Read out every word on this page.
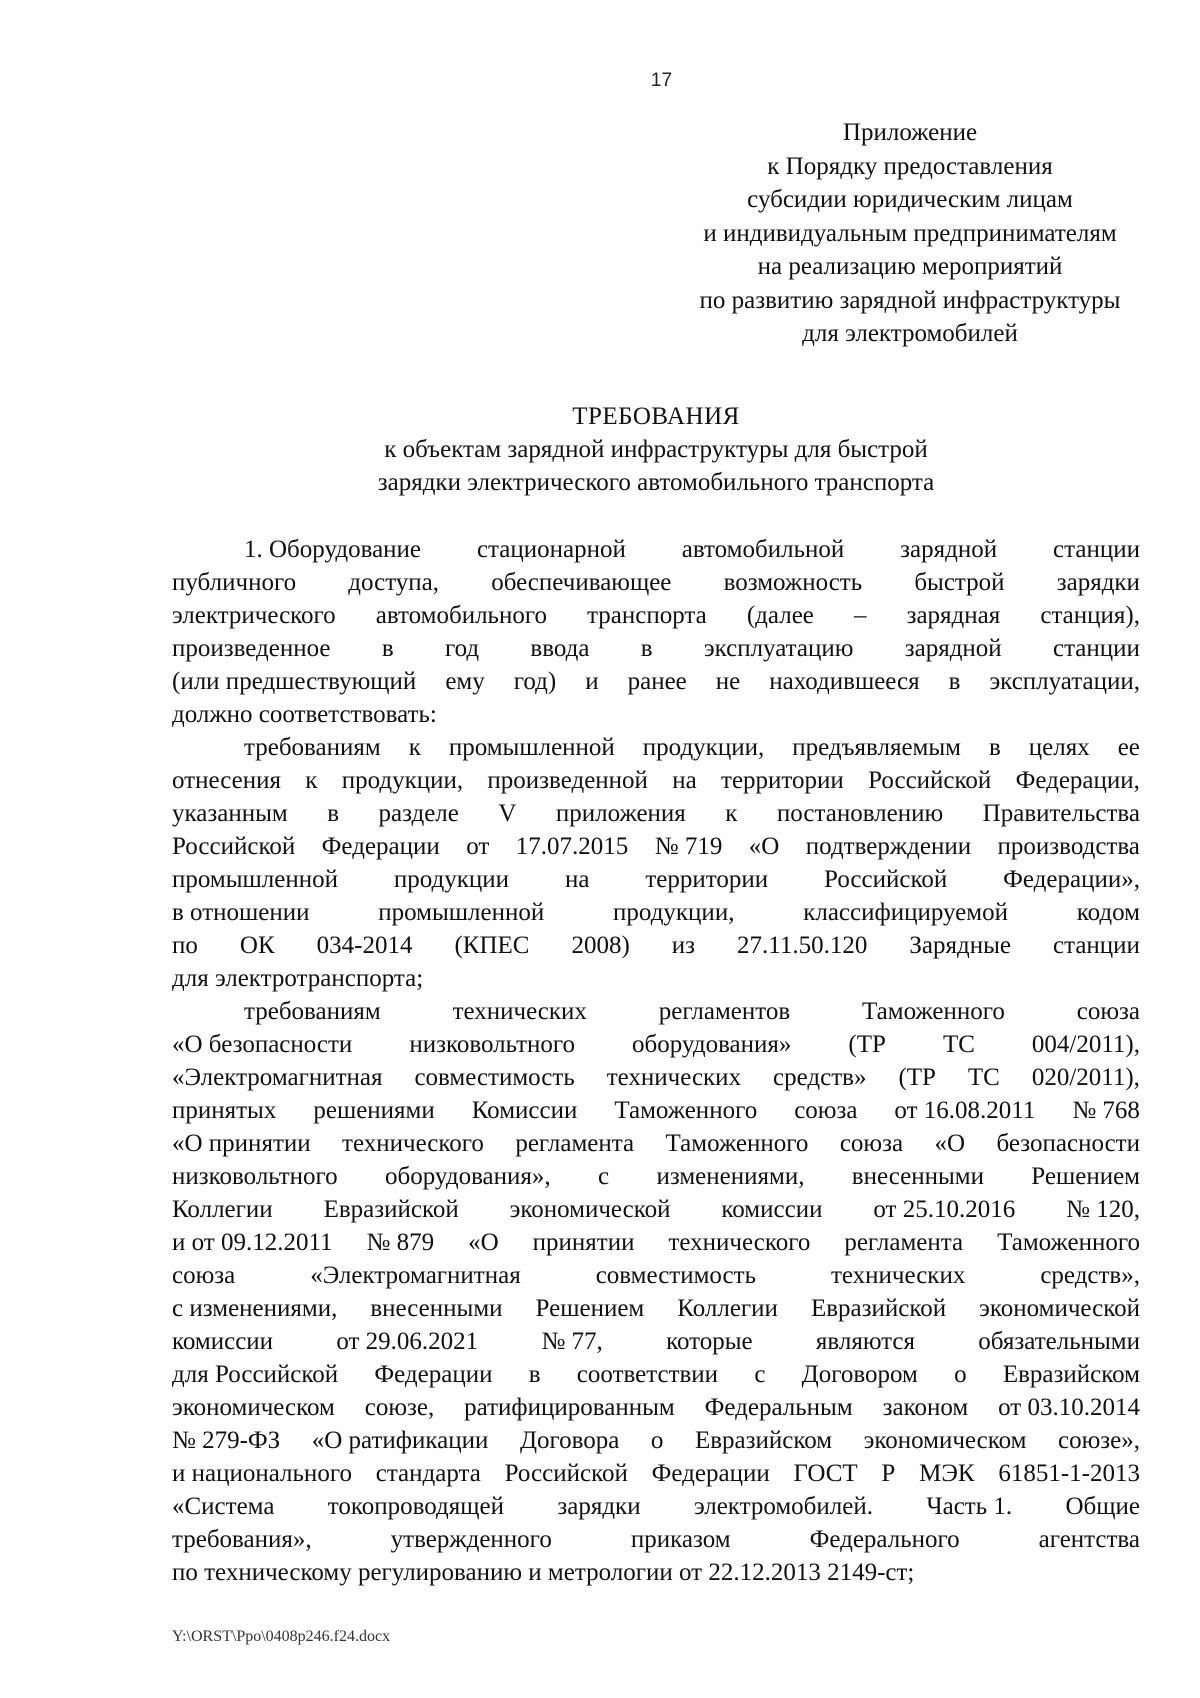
17
Приложение
к Порядку предоставления
субсидии юридическим лицам
и индивидуальным предпринимателям
на реализацию мероприятий
по развитию зарядной инфраструктуры
для электромобилей
ТРЕБОВАНИЯ
к объектам зарядной инфраструктуры для быстрой
зарядки электрического автомобильного транспорта
1. Оборудование стационарной автомобильной зарядной станции
публичного доступа, обеспечивающее возможность быстрой зарядки
электрического автомобильного транспорта (далее – зарядная станция),
произведенное в год ввода в эксплуатацию зарядной станции
(или предшествующий ему год) и ранее не находившееся в эксплуатации,
должно соответствовать:
требованиям к промышленной продукции, предъявляемым в целях ее
отнесения к продукции, произведенной на территории Российской Федерации,
указанным в разделе V приложения к постановлению Правительства
Российской Федерации от 17.07.2015 № 719 «О подтверждении производства
промышленной продукции на территории Российской Федерации»,
в отношении	промышленной	продукции,	классифицируемой	кодом
по ОК 034-2014 (КПЕС 2008) из 27.11.50.120 Зарядные станции
для электротранспорта;
требованиям	технических	регламентов	Таможенного	союза
«О безопасности низковольтного оборудования» (ТР ТС 004/2011),
«Электромагнитная совместимость технических средств» (ТР ТС 020/2011),
принятых решениями Комиссии Таможенного союза от 16.08.2011 № 768
«О принятии технического регламента Таможенного союза «О безопасности
низковольтного оборудования», с изменениями, внесенными Решением
Коллегии Евразийской экономической комиссии от 25.10.2016 № 120,
и от 09.12.2011 № 879 «О принятии технического регламента Таможенного
союза	«Электромагнитная	совместимость	технических	средств»,
с изменениями, внесенными Решением Коллегии Евразийской экономической
комиссии	от 29.06.2021	№ 77,	которые	являются	обязательными
для Российской Федерации в соответствии с Договором о Евразийском
экономическом союзе, ратифицированным Федеральным законом от 03.10.2014
№ 279-ФЗ «О ратификации Договора о Евразийском экономическом союзе»,
и национального стандарта Российской Федерации ГОСТ Р МЭК 61851-1-2013
«Система токопроводящей зарядки электромобилей. Часть 1. Общие
требования»,	утвержденного	приказом	Федерального	агентства
по техническому регулированию и метрологии от 22.12.2013 2149-ст;
Y:\ORST\Ppo\0408p246.f24.docx
